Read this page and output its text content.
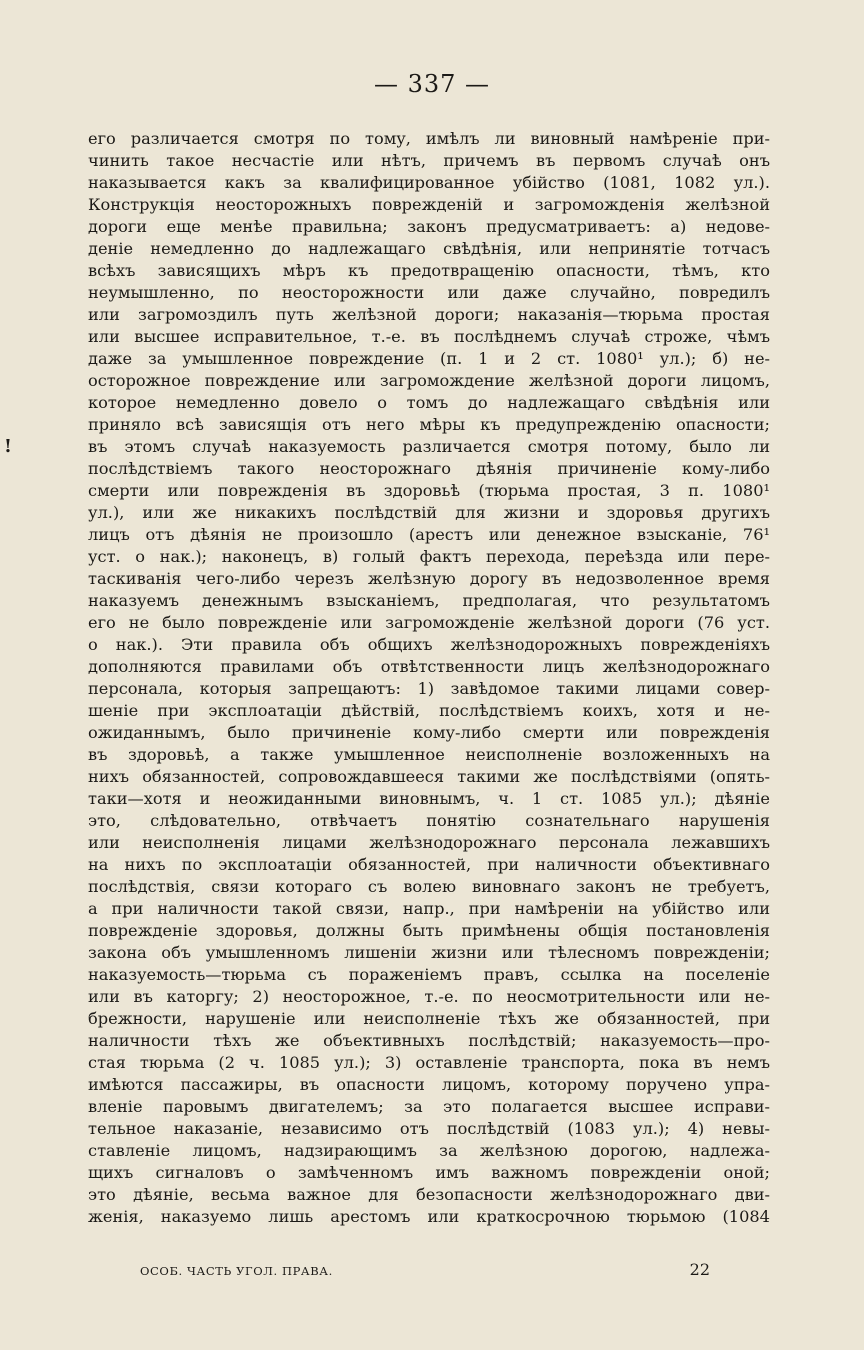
— 337 —
!
его различается смотря по тому, имѣлъ ли виновный намѣреніе при-
чинить такое несчастіе или нѣтъ, причемъ въ первомъ случаѣ онъ
наказывается какъ за квалифицированное убійство (1081, 1082 ул.).
Конструкція неосторожныхъ поврежденій и загроможденія желѣзной
дороги еще менѣе правильна; законъ предусматриваетъ: а) недове-
деніе немедленно до надлежащаго свѣдѣнія, или непринятіе тотчасъ
всѣхъ зависящихъ мѣръ къ предотвращенію опасности, тѣмъ, кто
неумышленно, по неосторожности или даже случайно, повредилъ
или загромоздилъ путь желѣзной дороги; наказанія—тюрьма простая
или высшее исправительное, т.-е. въ послѣднемъ случаѣ строже, чѣмъ
даже за умышленное повреждение (п. 1 и 2 ст. 1080¹ ул.); б) не-
осторожное повреждение или загромождение желѣзной дороги лицомъ,
которое немедленно довело о томъ до надлежащаго свѣдѣнія или
приняло всѣ зависящія отъ него мѣры къ предупрежденію опасности;
въ этомъ случаѣ наказуемость различается смотря потому, было ли
послѣдствіемъ такого неосторожнаго дѣянія причиненіе кому-либо
смерти или поврежденія въ здоровьѣ (тюрьма простая, 3 п. 1080¹
ул.), или же никакихъ послѣдствій для жизни и здоровья другихъ
лицъ отъ дѣянія не произошло (арестъ или денежное взысканіе, 76¹
уст. о нак.); наконецъ, в) голый фактъ перехода, переѣзда или пере-
таскиванія чего-либо черезъ желѣзную дорогу въ недозволенное время
наказуемъ денежнымъ взысканіемъ, предполагая, что результатомъ
его не было поврежденіе или загроможденіе желѣзной дороги (76 уст.
о нак.). Эти правила объ общихъ желѣзнодорожныхъ поврежденіяхъ
дополняются правилами объ отвѣтственности лицъ желѣзнодорожнаго
персонала, которыя запрещаютъ: 1) завѣдомое такими лицами совер-
шеніе при эксплоатаціи дѣйствій, послѣдствіемъ коихъ, хотя и не-
ожиданнымъ, было причиненіе кому-либо смерти или поврежденія
въ здоровьѣ, а также умышленное неисполненіе возложенныхъ на
нихъ обязанностей, сопровождавшееся такими же послѣдствіями (опять-
таки—хотя и неожиданными виновнымъ, ч. 1 ст. 1085 ул.); дѣяніе
это, слѣдовательно, отвѣчаетъ понятію сознательнаго нарушенія
или неисполненія лицами желѣзнодорожнаго персонала лежавшихъ
на нихъ по эксплоатаціи обязанностей, при наличности объективнаго
послѣдствія, связи котораго съ волею виновнаго законъ не требуетъ,
а при наличности такой связи, напр., при намѣреніи на убійство или
поврежденіе здоровья, должны быть примѣнены общія постановленія
закона объ умышленномъ лишеніи жизни или тѣлесномъ поврежденіи;
наказуемость—тюрьма съ пораженіемъ правъ, ссылка на поселеніе
или въ каторгу; 2) неосторожное, т.-е. по неосмотрительности или не-
брежности, нарушеніе или неисполненіе тѣхъ же обязанностей, при
наличности тѣхъ же объективныхъ послѣдствій; наказуемость—про-
стая тюрьма (2 ч. 1085 ул.); 3) оставленіе транспорта, пока въ немъ
имѣются пассажиры, въ опасности лицомъ, которому поручено упра-
вленіе паровымъ двигателемъ; за это полагается высшее исправи-
тельное наказаніе, независимо отъ послѣдствій (1083 ул.); 4) невы-
ставленіе лицомъ, надзирающимъ за желѣзною дорогою, надлежа-
щихъ сигналовъ о замѣченномъ имъ важномъ поврежденіи оной;
это дѣяніе, весьма важное для безопасности желѣзнодорожнаго дви-
женія, наказуемо лишь арестомъ или краткосрочною тюрьмою (1084
ОСОБ. ЧАСТЬ УГОЛ. ПРАВА.	22
